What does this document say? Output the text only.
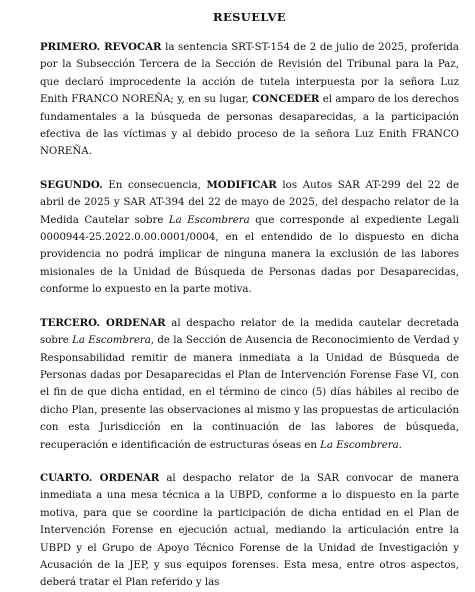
RESUELVE

PRIMERO. REVOCAR la sentencia SRT-ST-154 de 2 de julio de 2025, proferida por la Subsección Tercera de la Sección de Revisión del Tribunal para la Paz, que declaró improcedente la acción de tutela interpuesta por la señora Luz Enith FRANCO NOREÑA; y, en su lugar, CONCEDER el amparo de los derechos fundamentales a la búsqueda de personas desaparecidas, a la participación efectiva de las víctimas y al debido proceso de la señora Luz Enith FRANCO NOREÑA.

SEGUNDO. En consecuencia, MODIFICAR los Autos SAR AT-299 del 22 de abril de 2025 y SAR AT-394 del 22 de mayo de 2025, del despacho relator de la Medida Cautelar sobre La Escombrera que corresponde al expediente Legali 0000944-25.2022.0.00.0001/0004, en el entendido de lo dispuesto en dicha providencia no podrá implicar de ninguna manera la exclusión de las labores misionales de la Unidad de Búsqueda de Personas dadas por Desaparecidas, conforme lo expuesto en la parte motiva.

TERCERO. ORDENAR al despacho relator de la medida cautelar decretada sobre La Escombrera, de la Sección de Ausencia de Reconocimiento de Verdad y Responsabilidad remitir de manera inmediata a la Unidad de Búsqueda de Personas dadas por Desaparecidas el Plan de Intervención Forense Fase VI, con el fin de que dicha entidad, en el término de cinco (5) días hábiles al recibo de dicho Plan, presente las observaciones al mismo y las propuestas de articulación con esta Jurisdicción en la continuación de las labores de búsqueda, recuperación e identificación de estructuras óseas en La Escombrera.

CUARTO. ORDENAR al despacho relator de la SAR convocar de manera inmediata a una mesa técnica a la UBPD, conforme a lo dispuesto en la parte motiva, para que se coordine la participación de dicha entidad en el Plan de Intervención Forense en ejecución actual, mediando la articulación entre la UBPD y el Grupo de Apoyo Técnico Forense de la Unidad de Investigación y Acusación de la JEP, y sus equipos forenses. Esta mesa, entre otros aspectos, deberá tratar el Plan referido y las
